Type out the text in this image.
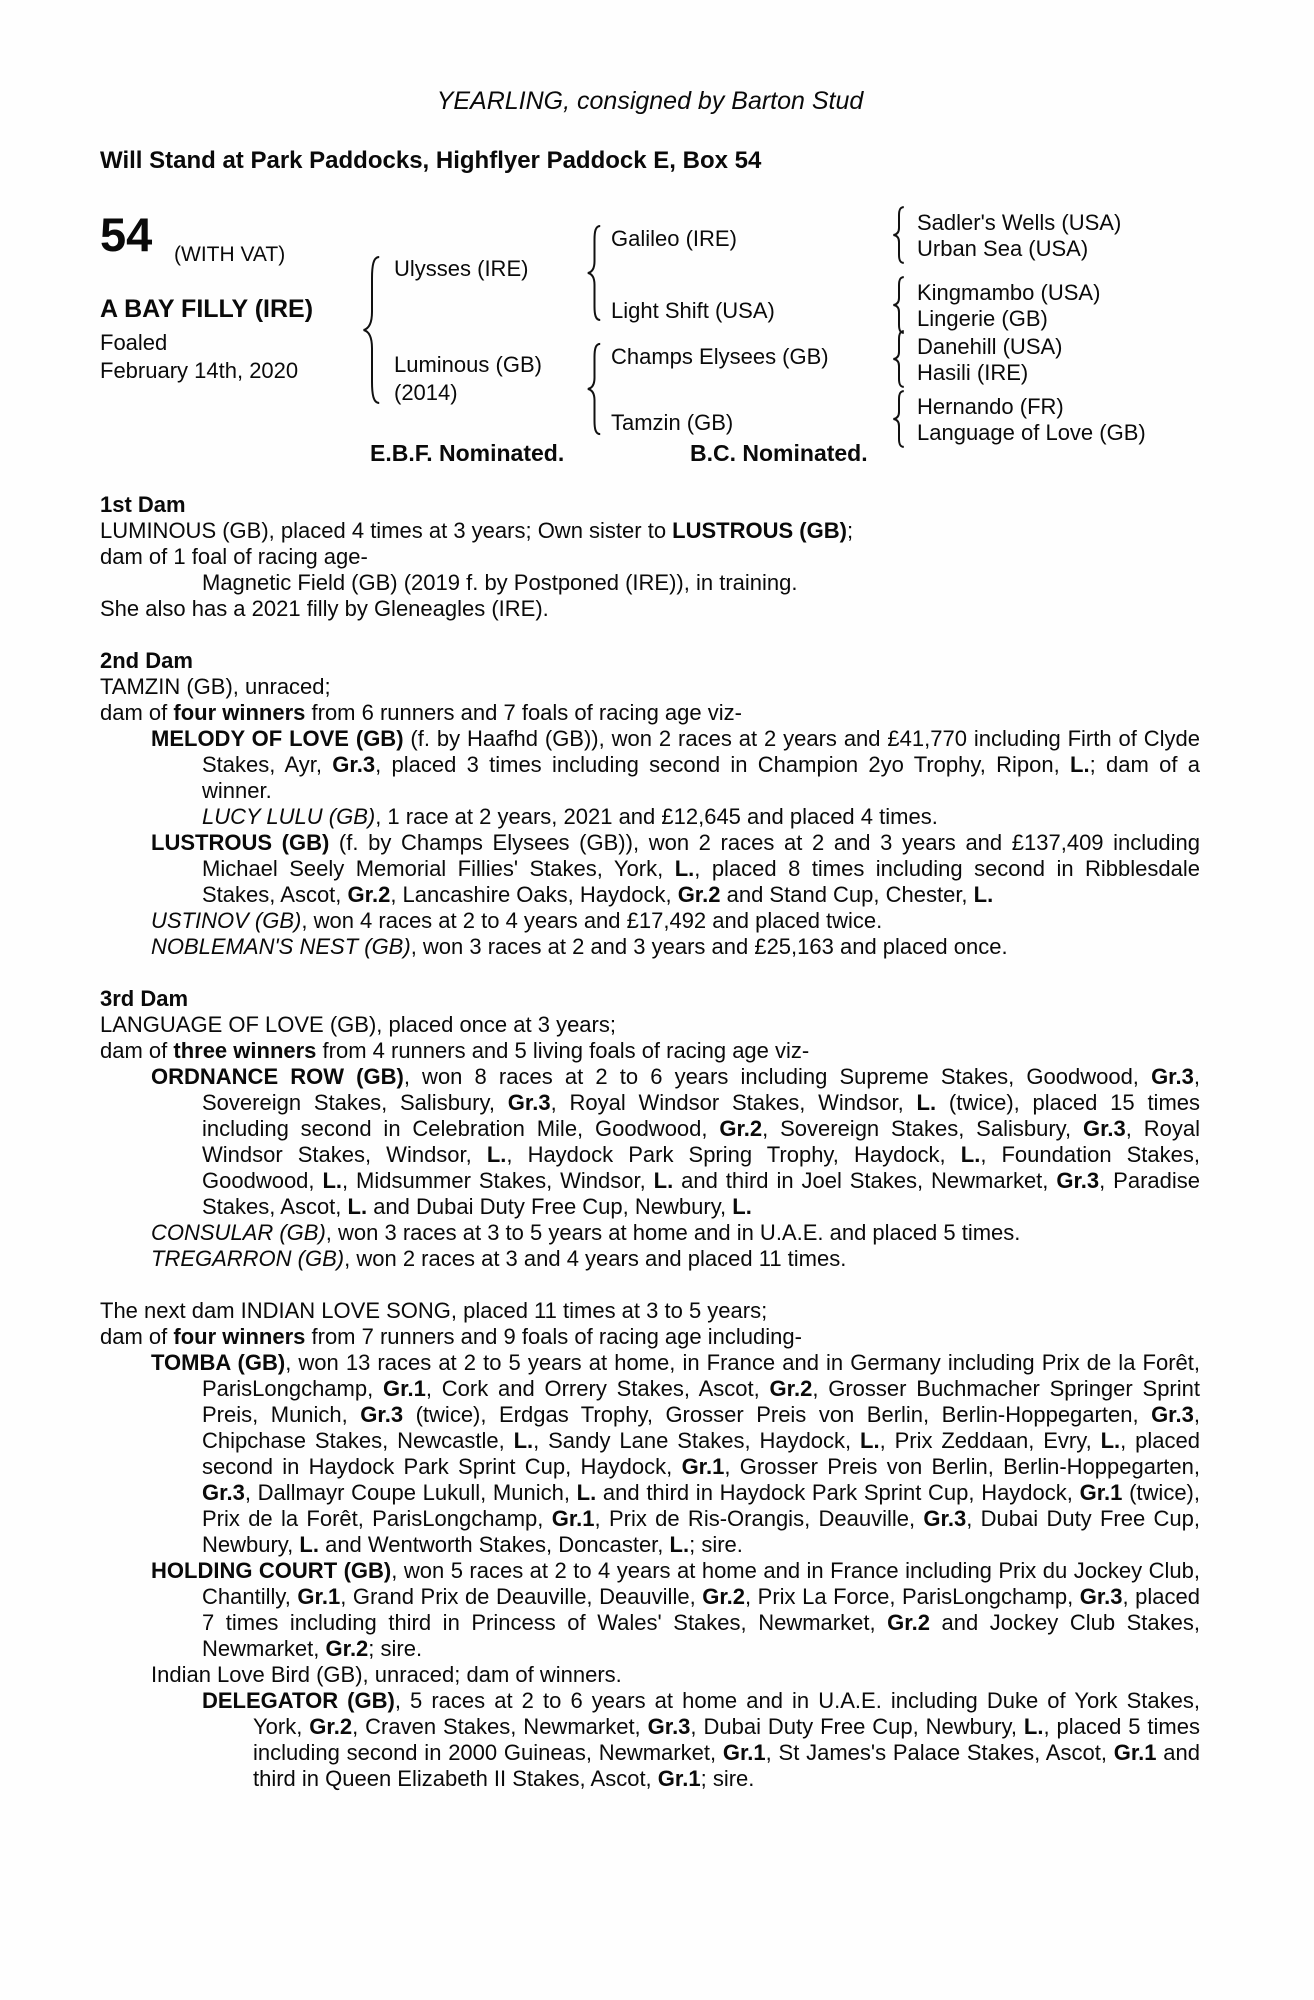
YEARLING, consigned by Barton Stud
Will Stand at Park Paddocks, Highflyer Paddock E, Box 54
54 (WITH VAT)
A BAY FILLY (IRE)
Foaled
February 14th, 2020
Ulysses (IRE)
Luminous (GB)
(2014)
Galileo (IRE)
Light Shift (USA)
Champs Elysees (GB)
Tamzin (GB)
Sadler's Wells (USA)
Urban Sea (USA)
Kingmambo (USA)
Lingerie (GB)
Danehill (USA)
Hasili (IRE)
Hernando (FR)
Language of Love (GB)
E.B.F. Nominated.	B.C. Nominated.
1st Dam
LUMINOUS (GB), placed 4 times at 3 years; Own sister to LUSTROUS (GB);
dam of 1 foal of racing age-
Magnetic Field (GB) (2019 f. by Postponed (IRE)), in training.
She also has a 2021 filly by Gleneagles (IRE).
2nd Dam
TAMZIN (GB), unraced;
dam of four winners from 6 runners and 7 foals of racing age viz-
MELODY OF LOVE (GB) (f. by Haafhd (GB)), won 2 races at 2 years and £41,770 including Firth of Clyde Stakes, Ayr, Gr.3, placed 3 times including second in Champion 2yo Trophy, Ripon, L.; dam of a winner.
LUCY LULU (GB), 1 race at 2 years, 2021 and £12,645 and placed 4 times.
LUSTROUS (GB) (f. by Champs Elysees (GB)), won 2 races at 2 and 3 years and £137,409 including Michael Seely Memorial Fillies' Stakes, York, L., placed 8 times including second in Ribblesdale Stakes, Ascot, Gr.2, Lancashire Oaks, Haydock, Gr.2 and Stand Cup, Chester, L.
USTINOV (GB), won 4 races at 2 to 4 years and £17,492 and placed twice.
NOBLEMAN'S NEST (GB), won 3 races at 2 and 3 years and £25,163 and placed once.
3rd Dam
LANGUAGE OF LOVE (GB), placed once at 3 years;
dam of three winners from 4 runners and 5 living foals of racing age viz-
ORDNANCE ROW (GB), won 8 races at 2 to 6 years including Supreme Stakes, Goodwood, Gr.3, Sovereign Stakes, Salisbury, Gr.3, Royal Windsor Stakes, Windsor, L. (twice), placed 15 times including second in Celebration Mile, Goodwood, Gr.2, Sovereign Stakes, Salisbury, Gr.3, Royal Windsor Stakes, Windsor, L., Haydock Park Spring Trophy, Haydock, L., Foundation Stakes, Goodwood, L., Midsummer Stakes, Windsor, L. and third in Joel Stakes, Newmarket, Gr.3, Paradise Stakes, Ascot, L. and Dubai Duty Free Cup, Newbury, L.
CONSULAR (GB), won 3 races at 3 to 5 years at home and in U.A.E. and placed 5 times.
TREGARRON (GB), won 2 races at 3 and 4 years and placed 11 times.
The next dam INDIAN LOVE SONG, placed 11 times at 3 to 5 years;
dam of four winners from 7 runners and 9 foals of racing age including-
TOMBA (GB), won 13 races at 2 to 5 years at home, in France and in Germany including Prix de la Forêt, ParisLongchamp, Gr.1, Cork and Orrery Stakes, Ascot, Gr.2, Grosser Buchmacher Springer Sprint Preis, Munich, Gr.3 (twice), Erdgas Trophy, Grosser Preis von Berlin, Berlin-Hoppegarten, Gr.3, Chipchase Stakes, Newcastle, L., Sandy Lane Stakes, Haydock, L., Prix Zeddaan, Evry, L., placed second in Haydock Park Sprint Cup, Haydock, Gr.1, Grosser Preis von Berlin, Berlin-Hoppegarten, Gr.3, Dallmayr Coupe Lukull, Munich, L. and third in Haydock Park Sprint Cup, Haydock, Gr.1 (twice), Prix de la Forêt, ParisLongchamp, Gr.1, Prix de Ris-Orangis, Deauville, Gr.3, Dubai Duty Free Cup, Newbury, L. and Wentworth Stakes, Doncaster, L.; sire.
HOLDING COURT (GB), won 5 races at 2 to 4 years at home and in France including Prix du Jockey Club, Chantilly, Gr.1, Grand Prix de Deauville, Deauville, Gr.2, Prix La Force, ParisLongchamp, Gr.3, placed 7 times including third in Princess of Wales' Stakes, Newmarket, Gr.2 and Jockey Club Stakes, Newmarket, Gr.2; sire.
Indian Love Bird (GB), unraced; dam of winners.
DELEGATOR (GB), 5 races at 2 to 6 years at home and in U.A.E. including Duke of York Stakes, York, Gr.2, Craven Stakes, Newmarket, Gr.3, Dubai Duty Free Cup, Newbury, L., placed 5 times including second in 2000 Guineas, Newmarket, Gr.1, St James's Palace Stakes, Ascot, Gr.1 and third in Queen Elizabeth II Stakes, Ascot, Gr.1; sire.
